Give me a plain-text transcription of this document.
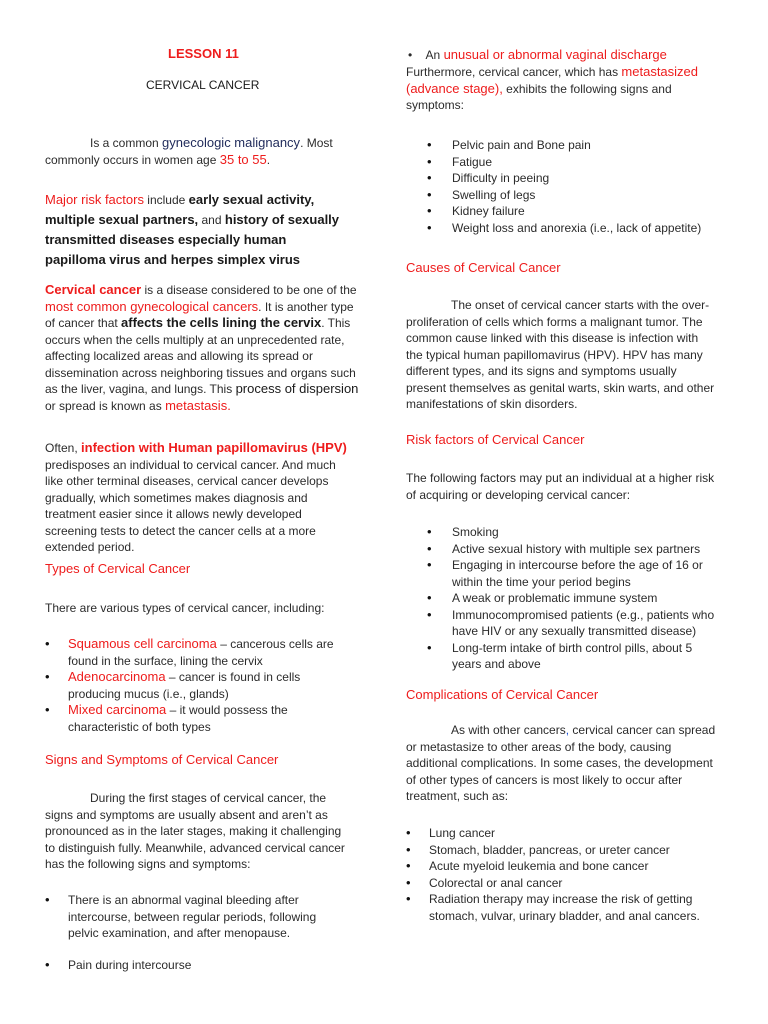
LESSON 11
CERVICAL CANCER

Is a common gynecologic malignancy. Most commonly occurs in women age 35 to 55.

Major risk factors include early sexual activity, multiple sexual partners, and history of sexually transmitted diseases especially human papilloma virus and herpes simplex virus

Cervical cancer is a disease considered to be one of the most common gynecological cancers. It is another type of cancer that affects the cells lining the cervix. This occurs when the cells multiply at an unprecedented rate, affecting localized areas and allowing its spread or dissemination across neighboring tissues and organs such as the liver, vagina, and lungs. This process of dispersion or spread is known as metastasis.

Often, infection with Human papillomavirus (HPV) predisposes an individual to cervical cancer. And much like other terminal diseases, cervical cancer develops gradually, which sometimes makes diagnosis and treatment easier since it allows newly developed screening tests to detect the cancer cells at a more extended period.

Types of Cervical Cancer

There are various types of cervical cancer, including:

• Squamous cell carcinoma – cancerous cells are found in the surface, lining the cervix
• Adenocarcinoma – cancer is found in cells producing mucus (i.e., glands)
• Mixed carcinoma – it would possess the characteristic of both types
Signs and Symptoms of Cervical Cancer

During the first stages of cervical cancer, the signs and symptoms are usually absent and aren’t as pronounced as in the later stages, making it challenging to distinguish fully. Meanwhile, advanced cervical cancer has the following signs and symptoms:

• There is an abnormal vaginal bleeding after intercourse, between regular periods, following pelvic examination, and after menopause.
• Pain during intercourse

•    An unusual or abnormal vaginal discharge

Furthermore, cervical cancer, which has metastasized (advance stage), exhibits the following signs and symptoms:

• Pelvic pain and Bone pain
• Fatigue
• Difficulty in peeing
• Swelling of legs
• Kidney failure
• Weight loss and anorexia (i.e., lack of appetite)
Causes of Cervical Cancer

The onset of cervical cancer starts with the over-proliferation of cells which forms a malignant tumor. The common cause linked with this disease is infection with the typical human papillomavirus (HPV). HPV has many different types, and its signs and symptoms usually present themselves as genital warts, skin warts, and other manifestations of skin disorders.

Risk factors of Cervical Cancer

The following factors may put an individual at a higher risk of acquiring or developing cervical cancer:

• Smoking
• Active sexual history with multiple sex partners
• Engaging in intercourse before the age of 16 or within the time your period begins
• A weak or problematic immune system
• Immunocompromised patients (e.g., patients who have HIV or any sexually transmitted disease)
• Long-term intake of birth control pills, about 5 years and above
Complications of Cervical Cancer

As with other cancers, cervical cancer can spread or metastasize to other areas of the body, causing additional complications. In some cases, the development of other types of cancers is most likely to occur after treatment, such as:

• Lung cancer
• Stomach, bladder, pancreas, or ureter cancer
• Acute myeloid leukemia and bone cancer
• Colorectal or anal cancer
• Radiation therapy may increase the risk of getting stomach, vulvar, urinary bladder, and anal cancers.
